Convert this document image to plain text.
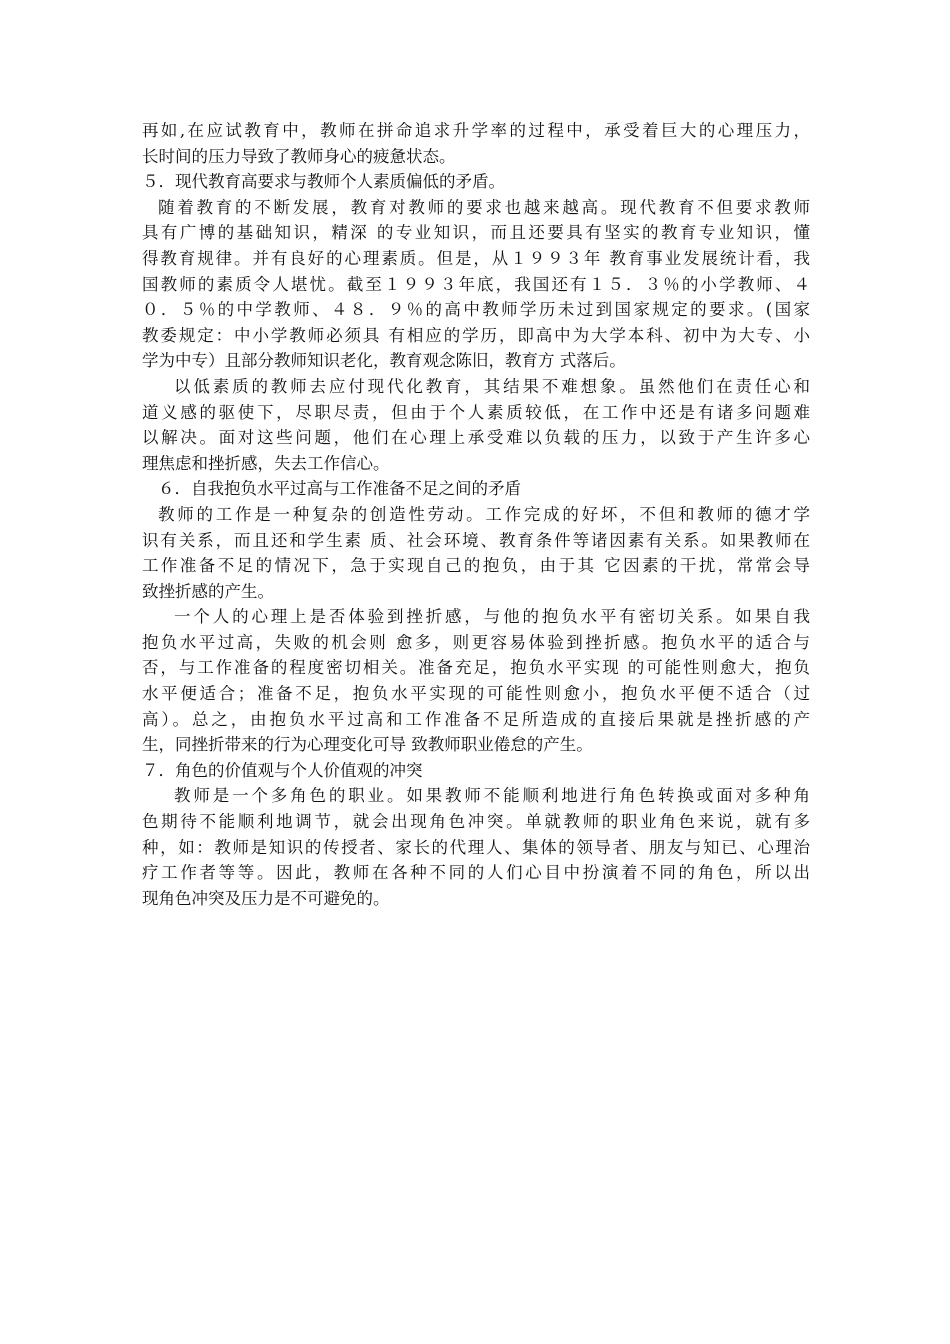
再如,在应试教育中，教师在拼命追求升学率的过程中，承受着巨大的心理压力，
长时间的压力导致了教师身心的疲惫状态。
５．现代教育高要求与教师个人素质偏低的矛盾。
随着教育的不断发展，教育对教师的要求也越来越高。现代教育不但要求教师
具有广博的基础知识，精深 的专业知识，而且还要具有坚实的教育专业知识，懂
得教育规律。并有良好的心理素质。但是，从１９９３年 教育事业发展统计看，我
国教师的素质令人堪忧。截至１９９３年底，我国还有１５．３％的小学教师、４
０．５％的中学教师、４８．９％的高中教师学历未过到国家规定的要求。(国家
教委规定：中小学教师必须具 有相应的学历，即高中为大学本科、初中为大专、小
学为中专）且部分教师知识老化，教育观念陈旧，教育方 式落后。
以低素质的教师去应付现代化教育，其结果不难想象。虽然他们在责任心和
道义感的驱使下，尽职尽责，但由于个人素质较低，在工作中还是有诸多问题难
以解决。面对这些问题，他们在心理上承受难以负载的压力，以致于产生许多心
理焦虑和挫折感，失去工作信心。
６．自我抱负水平过高与工作准备不足之间的矛盾
教师的工作是一种复杂的创造性劳动。工作完成的好坏，不但和教师的德才学
识有关系，而且还和学生素 质、社会环境、教育条件等诸因素有关系。如果教师在
工作准备不足的情况下，急于实现自己的抱负，由于其 它因素的干扰，常常会导
致挫折感的产生。
一个人的心理上是否体验到挫折感，与他的抱负水平有密切关系。如果自我
抱负水平过高，失败的机会则 愈多，则更容易体验到挫折感。抱负水平的适合与
否，与工作准备的程度密切相关。准备充足，抱负水平实现 的可能性则愈大，抱负
水平便适合；准备不足，抱负水平实现的可能性则愈小，抱负水平便不适合（过
高）。总之，由抱负水平过高和工作准备不足所造成的直接后果就是挫折感的产
生，同挫折带来的行为心理变化可导 致教师职业倦怠的产生。
７．角色的价值观与个人价值观的冲突
教师是一个多角色的职业。如果教师不能顺利地进行角色转换或面对多种角
色期待不能顺利地调节，就会出现角色冲突。单就教师的职业角色来说，就有多
种，如：教师是知识的传授者、家长的代理人、集体的领导者、朋友与知已、心理治
疗工作者等等。因此，教师在各种不同的人们心目中扮演着不同的角色，所以出
现角色冲突及压力是不可避免的。
